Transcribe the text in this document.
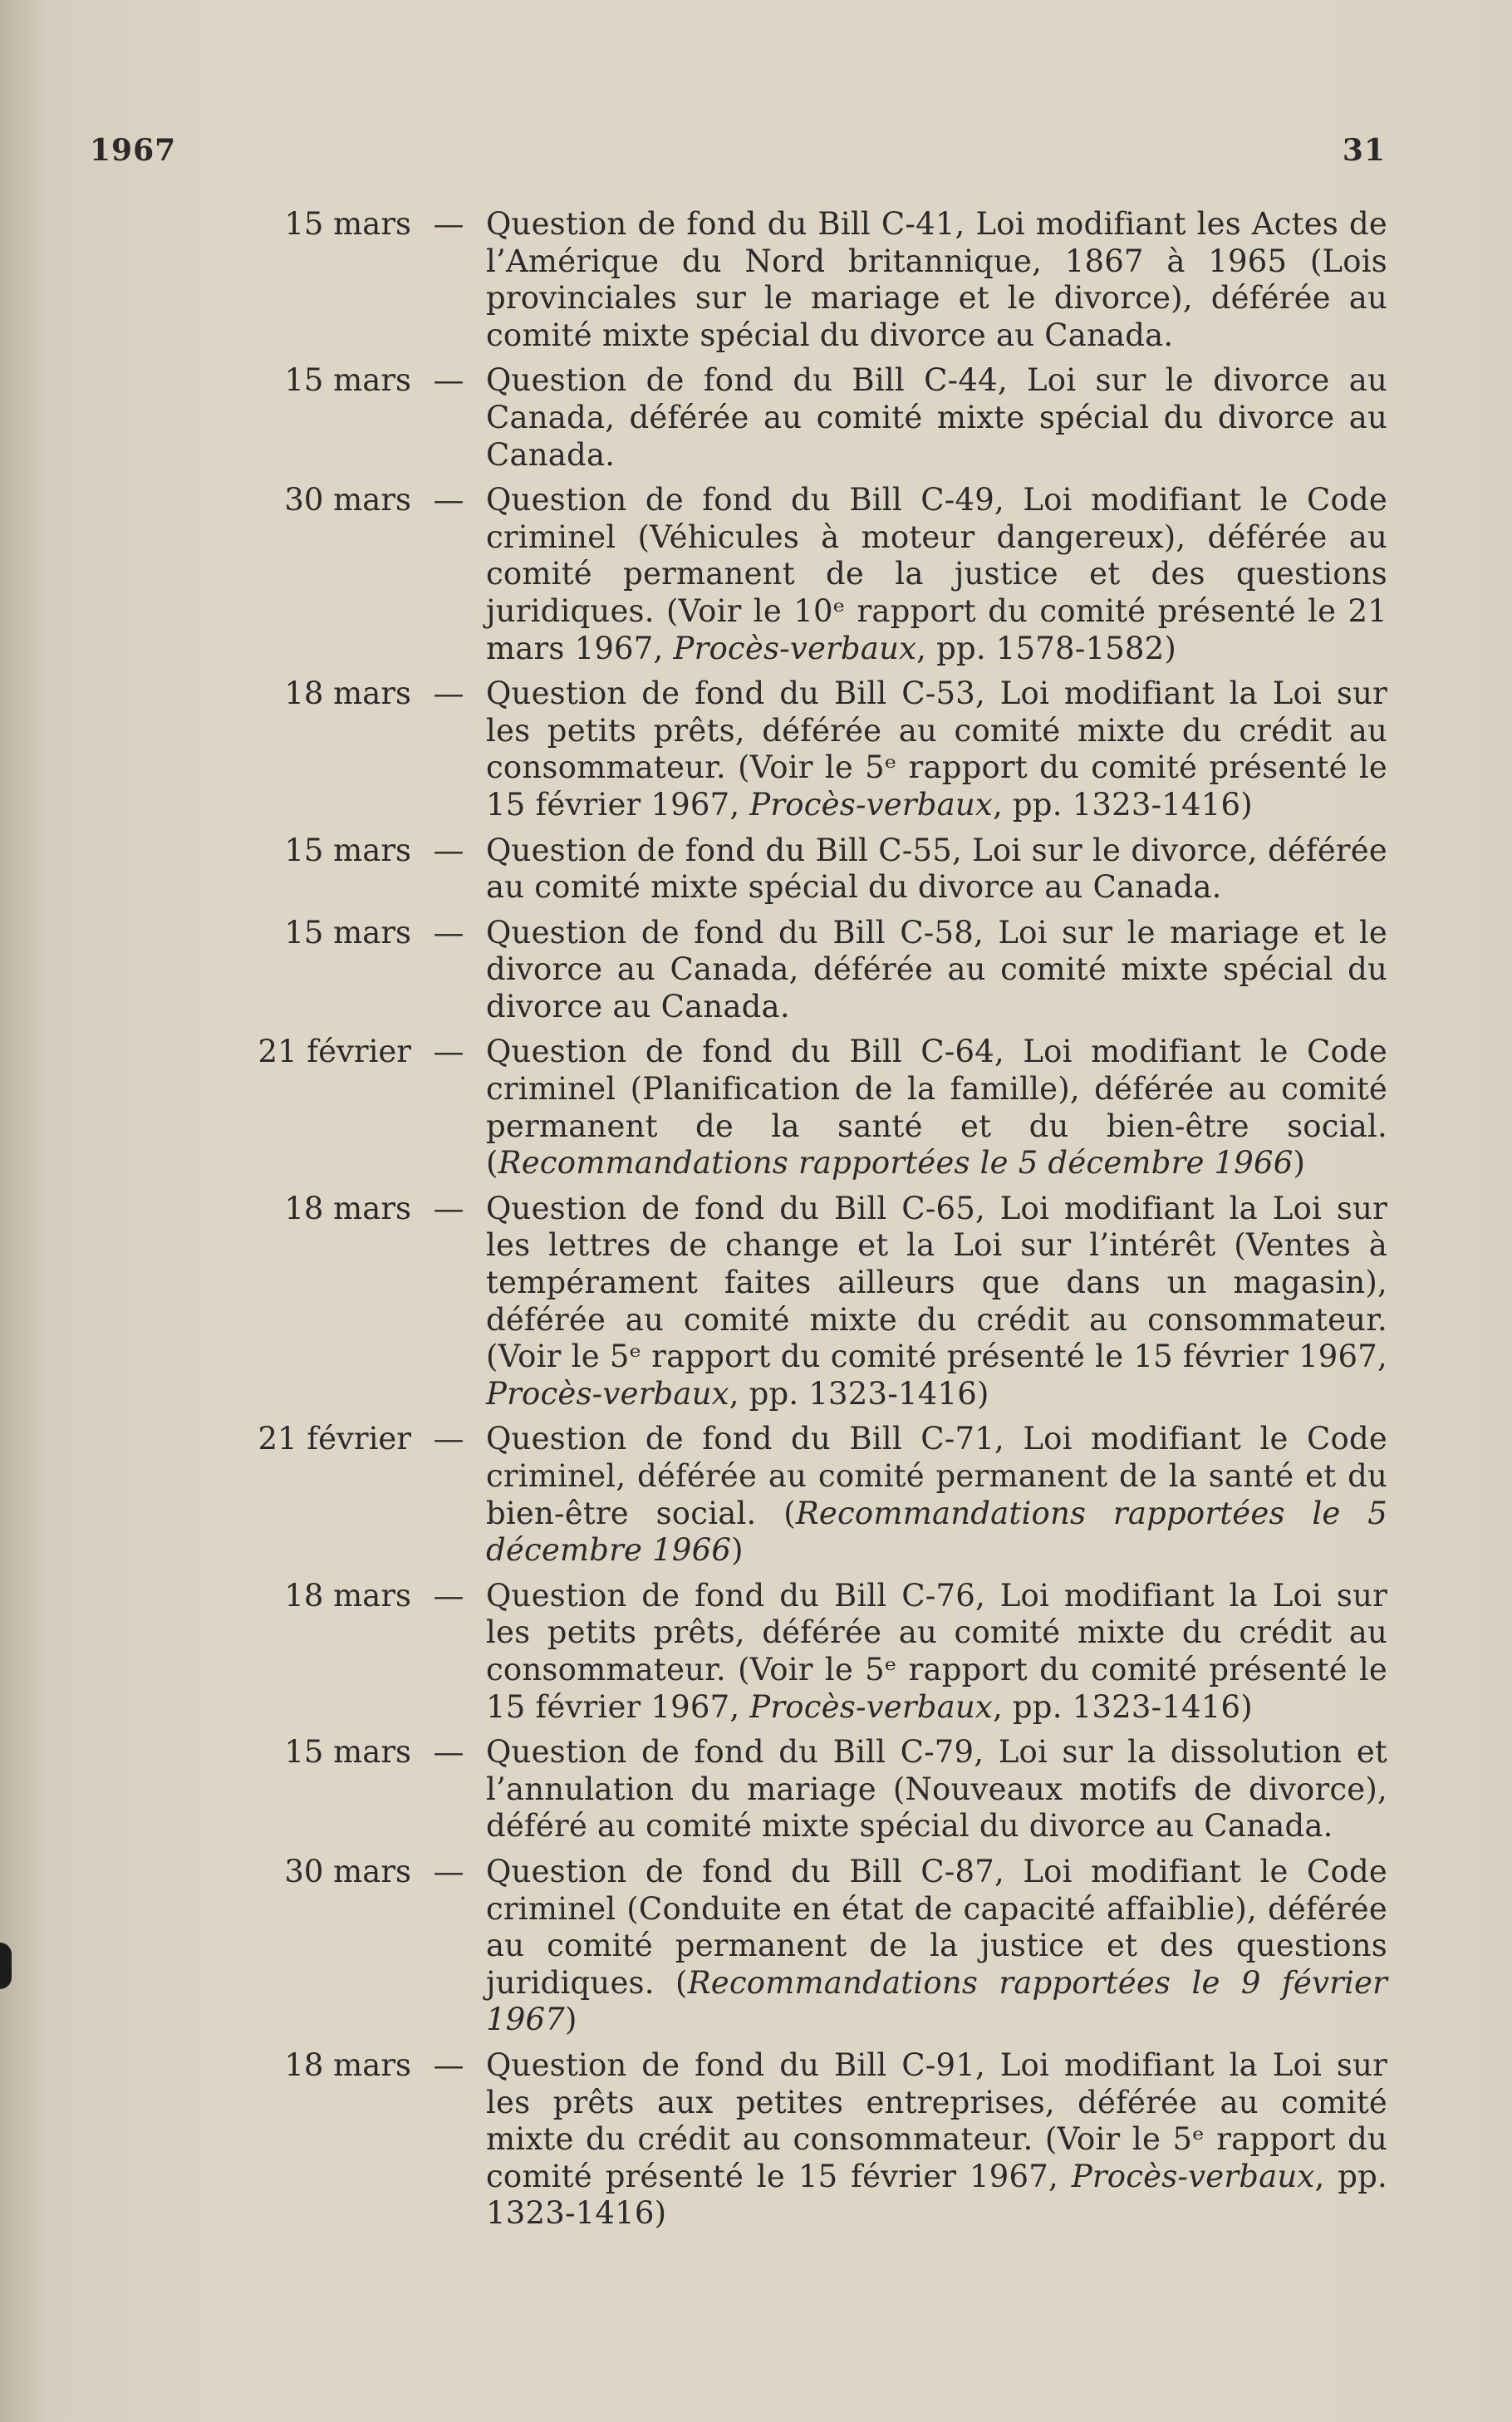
1967	31
15 mars — Question de fond du Bill C-41, Loi modifiant les Actes de l’Amérique du Nord britannique, 1867 à 1965 (Lois provinciales sur le mariage et le divorce), déférée au comité mixte spécial du divorce au Canada.
15 mars — Question de fond du Bill C-44, Loi sur le divorce au Canada, déférée au comité mixte spécial du divorce au Canada.
30 mars — Question de fond du Bill C-49, Loi modifiant le Code criminel (Véhicules à moteur dangereux), déférée au comité permanent de la justice et des questions juridiques. (Voir le 10ᵉ rapport du comité présenté le 21 mars 1967, Procès-verbaux, pp. 1578-1582)
18 mars — Question de fond du Bill C-53, Loi modifiant la Loi sur les petits prêts, déférée au comité mixte du crédit au consommateur. (Voir le 5ᵉ rapport du comité présenté le 15 février 1967, Procès-verbaux, pp. 1323-1416)
15 mars — Question de fond du Bill C-55, Loi sur le divorce, déférée au comité mixte spécial du divorce au Canada.
15 mars — Question de fond du Bill C-58, Loi sur le mariage et le divorce au Canada, déférée au comité mixte spécial du divorce au Canada.
21 février — Question de fond du Bill C-64, Loi modifiant le Code criminel (Planification de la famille), déférée au comité permanent de la santé et du bien-être social. (Recommandations rapportées le 5 décembre 1966)
18 mars — Question de fond du Bill C-65, Loi modifiant la Loi sur les lettres de change et la Loi sur l’intérêt (Ventes à tempérament faites ailleurs que dans un magasin), déférée au comité mixte du crédit au consommateur. (Voir le 5ᵉ rapport du comité présenté le 15 février 1967, Procès-verbaux, pp. 1323-1416)
21 février — Question de fond du Bill C-71, Loi modifiant le Code criminel, déférée au comité permanent de la santé et du bien-être social. (Recommandations rapportées le 5 décembre 1966)
18 mars — Question de fond du Bill C-76, Loi modifiant la Loi sur les petits prêts, déférée au comité mixte du crédit au consommateur. (Voir le 5ᵉ rapport du comité présenté le 15 février 1967, Procès-verbaux, pp. 1323-1416)
15 mars — Question de fond du Bill C-79, Loi sur la dissolution et l’annulation du mariage (Nouveaux motifs de divorce), déféré au comité mixte spécial du divorce au Canada.
30 mars — Question de fond du Bill C-87, Loi modifiant le Code criminel (Conduite en état de capacité affaiblie), déférée au comité permanent de la justice et des questions juridiques. (Recommandations rapportées le 9 février 1967)
18 mars — Question de fond du Bill C-91, Loi modifiant la Loi sur les prêts aux petites entreprises, déférée au comité mixte du crédit au consommateur. (Voir le 5ᵉ rapport du comité présenté le 15 février 1967, Procès-verbaux, pp. 1323-1416)
